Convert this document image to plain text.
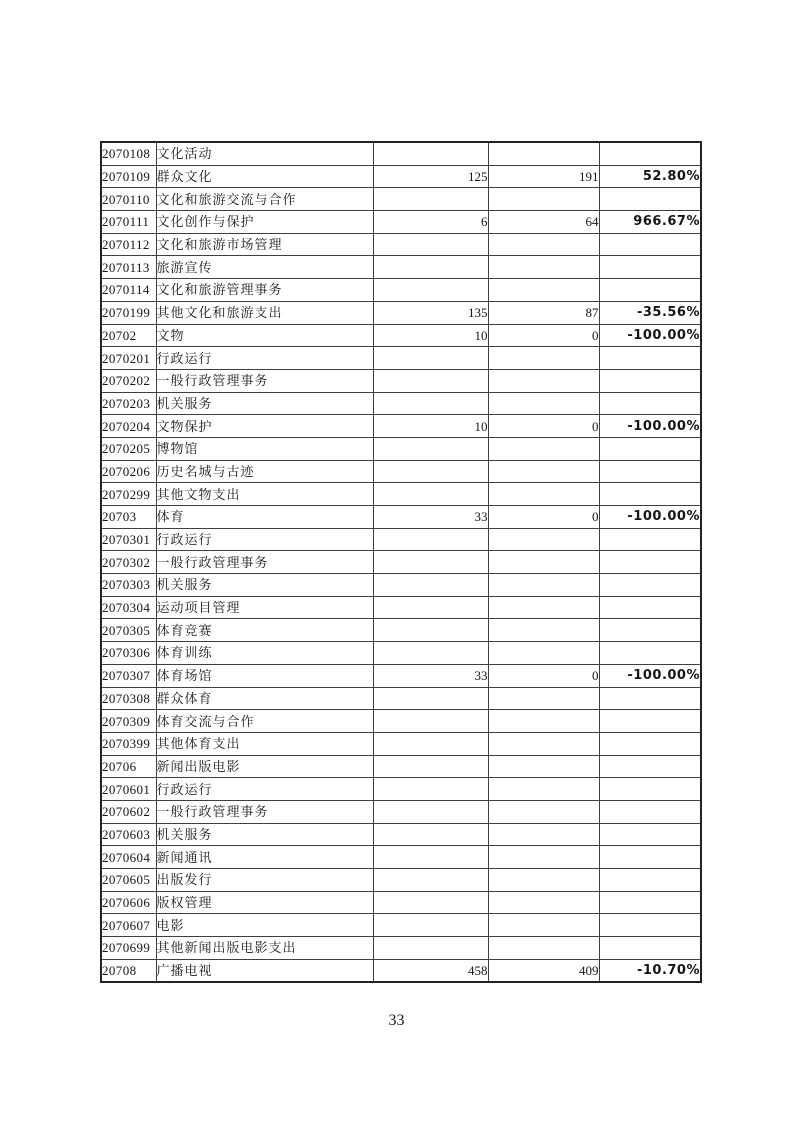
2070108	文化活动			
2070109	群众文化	125	191	52.80%
2070110	文化和旅游交流与合作			
2070111	文化创作与保护	6	64	966.67%
2070112	文化和旅游市场管理			
2070113	旅游宣传			
2070114	文化和旅游管理事务			
2070199	其他文化和旅游支出	135	87	-35.56%
20702	文物	10	0	-100.00%
2070201	行政运行			
2070202	一般行政管理事务			
2070203	机关服务			
2070204	文物保护	10	0	-100.00%
2070205	博物馆			
2070206	历史名城与古迹			
2070299	其他文物支出			
20703	体育	33	0	-100.00%
2070301	行政运行			
2070302	一般行政管理事务			
2070303	机关服务			
2070304	运动项目管理			
2070305	体育竞赛			
2070306	体育训练			
2070307	体育场馆	33	0	-100.00%
2070308	群众体育			
2070309	体育交流与合作			
2070399	其他体育支出			
20706	新闻出版电影			
2070601	行政运行			
2070602	一般行政管理事务			
2070603	机关服务			
2070604	新闻通讯			
2070605	出版发行			
2070606	版权管理			
2070607	电影			
2070699	其他新闻出版电影支出			
20708	广播电视	458	409	-10.70%
33
